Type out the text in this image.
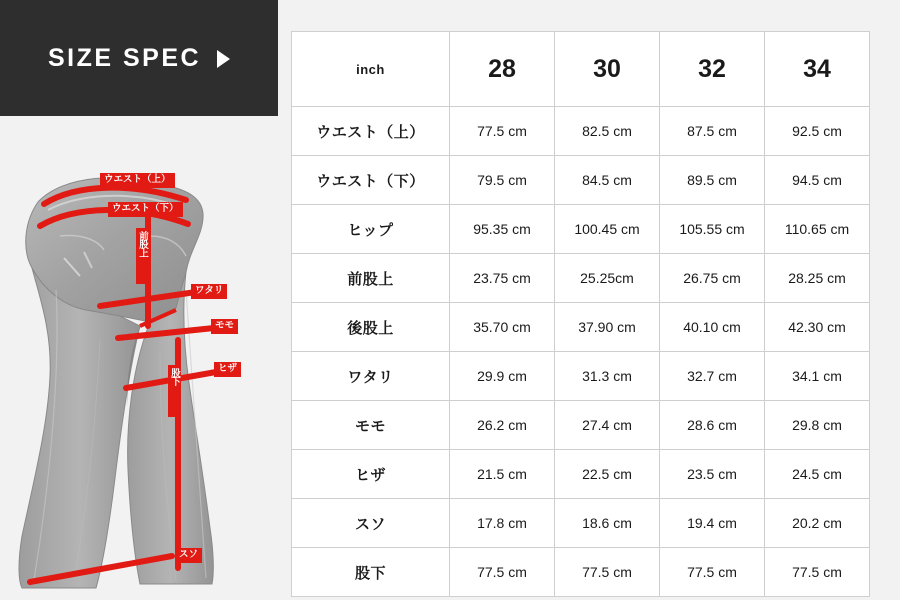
SIZE SPEC
ウエスト（上）
ウエスト（下）
前股上
ワタリ
モモ
ヒザ
股下
スソ
inch	28	30	32	34
ウエスト（上）	77.5 cm	82.5 cm	87.5 cm	92.5 cm
ウエスト（下）	79.5 cm	84.5 cm	89.5 cm	94.5 cm
ヒップ	95.35 cm	100.45 cm	105.55 cm	110.65 cm
前股上	23.75 cm	25.25cm	26.75 cm	28.25 cm
後股上	35.70 cm	37.90 cm	40.10 cm	42.30 cm
ワタリ	29.9 cm	31.3 cm	32.7 cm	34.1 cm
モモ	26.2 cm	27.4 cm	28.6 cm	29.8 cm
ヒザ	21.5 cm	22.5 cm	23.5 cm	24.5 cm
スソ	17.8 cm	18.6 cm	19.4 cm	20.2 cm
股下	77.5 cm	77.5 cm	77.5 cm	77.5 cm
